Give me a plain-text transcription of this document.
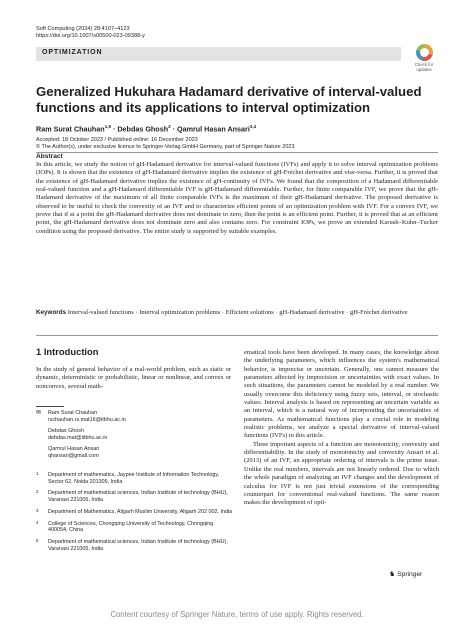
Soft Computing (2024) 28:4107–4123
https://doi.org/10.1007/s00500-023-09388-y
OPTIMIZATION
Check for updates
Generalized Hukuhara Hadamard derivative of interval-valued functions and its applications to interval optimization
Ram Surat Chauhan$^{1,5}$ · Debdas Ghosh$^2$ · Qamrul Hasan Ansari$^{3,4}$
Accepted: 18 October 2023 / Published online: 16 December 2023
© The Author(s), under exclusive licence to Springer-Verlag GmbH Germany, part of Springer Nature 2023
Abstract
In this article, we study the notion of gH-Hadamard derivative for interval-valued functions (IVFs) and apply it to solve interval optimization problems (IOPs). It is shown that the existence of gH-Hadamard derivative implies the existence of gH-Fréchet derivative and vise-versa. Further, it is proved that the existence of gH-Hadamard derivative implies the existence of gH-continuity of IVFs. We found that the composition of a Hadamard differentiable real-valued function and a gH-Hadamard differentiable IVF is gH-Hadamard differentiable. Further, for finite comparable IVF, we prove that the gH-Hadamard derivative of the maximum of all finite comparable IVFs is the maximum of their gH-Hadamard derivative. The proposed derivative is observed to be useful to check the convexity of an IVF and to characterize efficient points of an optimization problem with IVF. For a convex IVF, we prove that if at a point the gH-Hadamard derivative does not dominate to zero, then the point is an efficient point. Further, it is proved that at an efficient point, the gH-Hadamard derivative does not dominate zero and also contains zero. For constraint IOPs, we prove an extended Karush–Kuhn–Tucker condition using the proposed derivative. The entire study is supported by suitable examples.
Keywords Interval-valued functions · Interval optimization problems · Efficient solutions · gH-Hadamard derivative · gH-Fréchet derivative
1 Introduction
In the study of general behavior of a real-world problem, such as static or dynamic, deterministic or probabilistic, linear or nonlinear, and convex or nonconvex, several math-

ematical tools have been developed. In many cases, the knowledge about the underlying parameters, which influences the system's mathematical behavior, is imprecise or uncertain. Generally, one cannot measure the parameters affected by imprecision or uncertainties with exact values. In such situations, the parameters cannot be modeled by a real number. We usually overcome this deficiency using fuzzy sets, interval, or stochastic values. Interval analysis is based on representing an uncertain variable as an interval, which is a natural way of incorporating the uncertainties of parameters. As mathematical functions play a crucial role in modeling realistic problems, we analyze a special derivative of interval-valued functions (IVFs) in this article.

Three important aspects of a function are monotonicity, convexity and differentiability. In the study of monotonicity and convexity Ansari et al. (2013) of an IVF, an appropriate ordering of intervals is the prime issue. Unlike the real numbers, intervals are not linearly ordered. Due to which the whole paradigm of analyzing an IVF changes and the development of calculus for IVF is not just trivial extensions of the corresponding counterpart for conventional real-valued functions. The same reason makes the development of opti-

✉ Ram Surat Chauhan
rschauhan.rs.mat16@itbhu.ac.in
Debdas Ghosh
debdas.mat@iitbhu.ac.in
Qamrul Hasan Ansari
qhansari@gmail.com
1 Department of mathematics, Jaypee Institute of Information Technology, Sector 62, Noida 201309, India
2 Department of mathematical sciences, Indian Institute of technology (BHU), Varanasi 221005, India
3 Department of Mathematics, Aligarh Muslim University, Aligarh 202 002, India
4 College of Sciences, Chongqing University of Technology, Chongqing 400054, China
5 Department of mathematical sciences, Indian Institute of technology (BHU), Varanasi 221005, India
♞ Springer
Content courtesy of Springer Nature, terms of use apply. Rights reserved.
